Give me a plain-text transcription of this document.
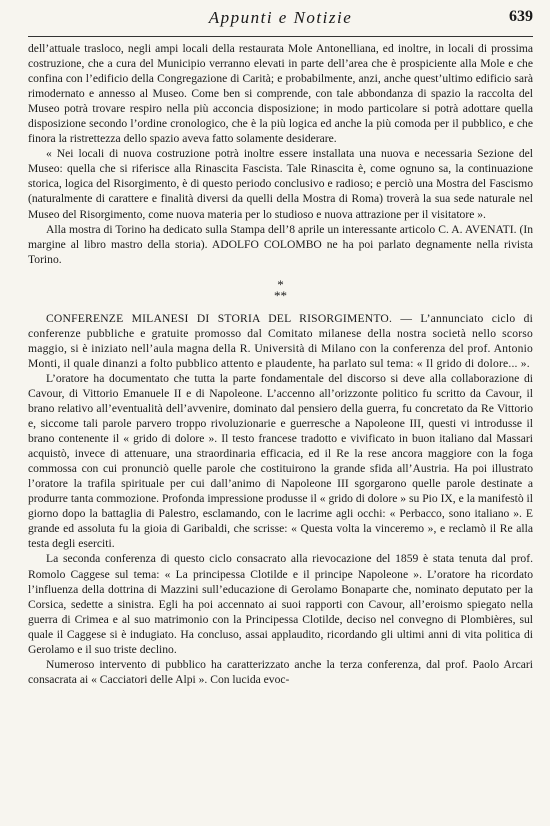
Appunti e Notizie	639

dell’attuale trasloco, negli ampi locali della restaurata Mole Antonelliana, ed inoltre, in locali di prossima costruzione, che a cura del Municipio verranno elevati in parte dell’area che è prospiciente alla Mole e che confina con l’edificio della Congregazione di Carità; e probabilmente, anzi, anche quest’ultimo edificio sarà rimodernato e annesso al Museo. Come ben si comprende, con tale abbondanza di spazio la raccolta del Museo potrà trovare respiro nella più acconcia disposizione; in modo particolare si potrà adottare quella disposizione secondo l’ordine cronologico, che è la più logica ed anche la più comoda per il pubblico, e che finora la ristrettezza dello spazio aveva fatto solamente desiderare.

« Nei locali di nuova costruzione potrà inoltre essere installata una nuova e necessaria Sezione del Museo: quella che si riferisce alla Rinascita Fascista. Tale Rinascita è, come ognuno sa, la continuazione storica, logica del Risorgimento, è di questo periodo conclusivo e radioso; e perciò una Mostra del Fascismo (naturalmente di carattere e finalità diversi da quelli della Mostra di Roma) troverà la sua sede naturale nel Museo del Risorgimento, come nuova materia per lo studioso e nuova attrazione per il visitatore ».

Alla mostra di Torino ha dedicato sulla Stampa dell’8 aprile un interessante articolo C. A. AVENATI. (In margine al libro mastro della storia). ADOLFO COLOMBO ne ha poi parlato degnamente nella rivista Torino.

*
**

CONFERENZE MILANESI DI STORIA DEL RISORGIMENTO. — L’annunciato ciclo di conferenze pubbliche e gratuite promosso dal Comitato milanese della nostra società nello scorso maggio, si è iniziato nell’aula magna della R. Università di Milano con la conferenza del prof. Antonio Monti, il quale dinanzi a folto pubblico attento e plaudente, ha parlato sul tema: « Il grido di dolore... ».

L’oratore ha documentato che tutta la parte fondamentale del discorso si deve alla collaborazione di Cavour, di Vittorio Emanuele II e di Napoleone. L’accenno all’orizzonte politico fu scritto da Cavour, il brano relativo all’eventualità dell’avvenire, dominato dal pensiero della guerra, fu concretato da Re Vittorio e, siccome tali parole parvero troppo rivoluzionarie e guerresche a Napoleone III, questi vi introdusse il brano contenente il « grido di dolore ». Il testo francese tradotto e vivificato in buon italiano dal Massari acquistò, invece di attenuare, una straordinaria efficacia, ed il Re la rese ancora maggiore con la foga commossa con cui pronunciò quelle parole che costituirono la grande sfida all’Austria. Ha poi illustrato l’oratore la trafila spirituale per cui dall’animo di Napoleone III sgorgarono quelle parole destinate a produrre tanta commozione. Profonda impressione produsse il « grido di dolore » su Pio IX, e la manifestò il giorno dopo la battaglia di Palestro, esclamando, con le lacrime agli occhi: « Perbacco, sono italiano ». E grande ed assoluta fu la gioia di Garibaldi, che scrisse: « Questa volta la vinceremo », e reclamò il Re alla testa degli eserciti.

La seconda conferenza di questo ciclo consacrato alla rievocazione del 1859 è stata tenuta dal prof. Romolo Caggese sul tema: « La principessa Clotilde e il principe Napoleone ». L’oratore ha ricordato l’influenza della dottrina di Mazzini sull’educazione di Gerolamo Bonaparte che, nominato deputato per la Corsica, sedette a sinistra. Egli ha poi accennato ai suoi rapporti con Cavour, all’eroismo spiegato nella guerra di Crimea e al suo matrimonio con la Principessa Clotilde, deciso nel convegno di Plombières, sul quale il Caggese si è indugiato. Ha concluso, assai applaudito, ricordando gli ultimi anni di vita politica di Gerolamo e il suo triste declino.

Numeroso intervento di pubblico ha caratterizzato anche la terza conferenza, dal prof. Paolo Arcari consacrata ai « Cacciatori delle Alpi ». Con lucida evoc-
